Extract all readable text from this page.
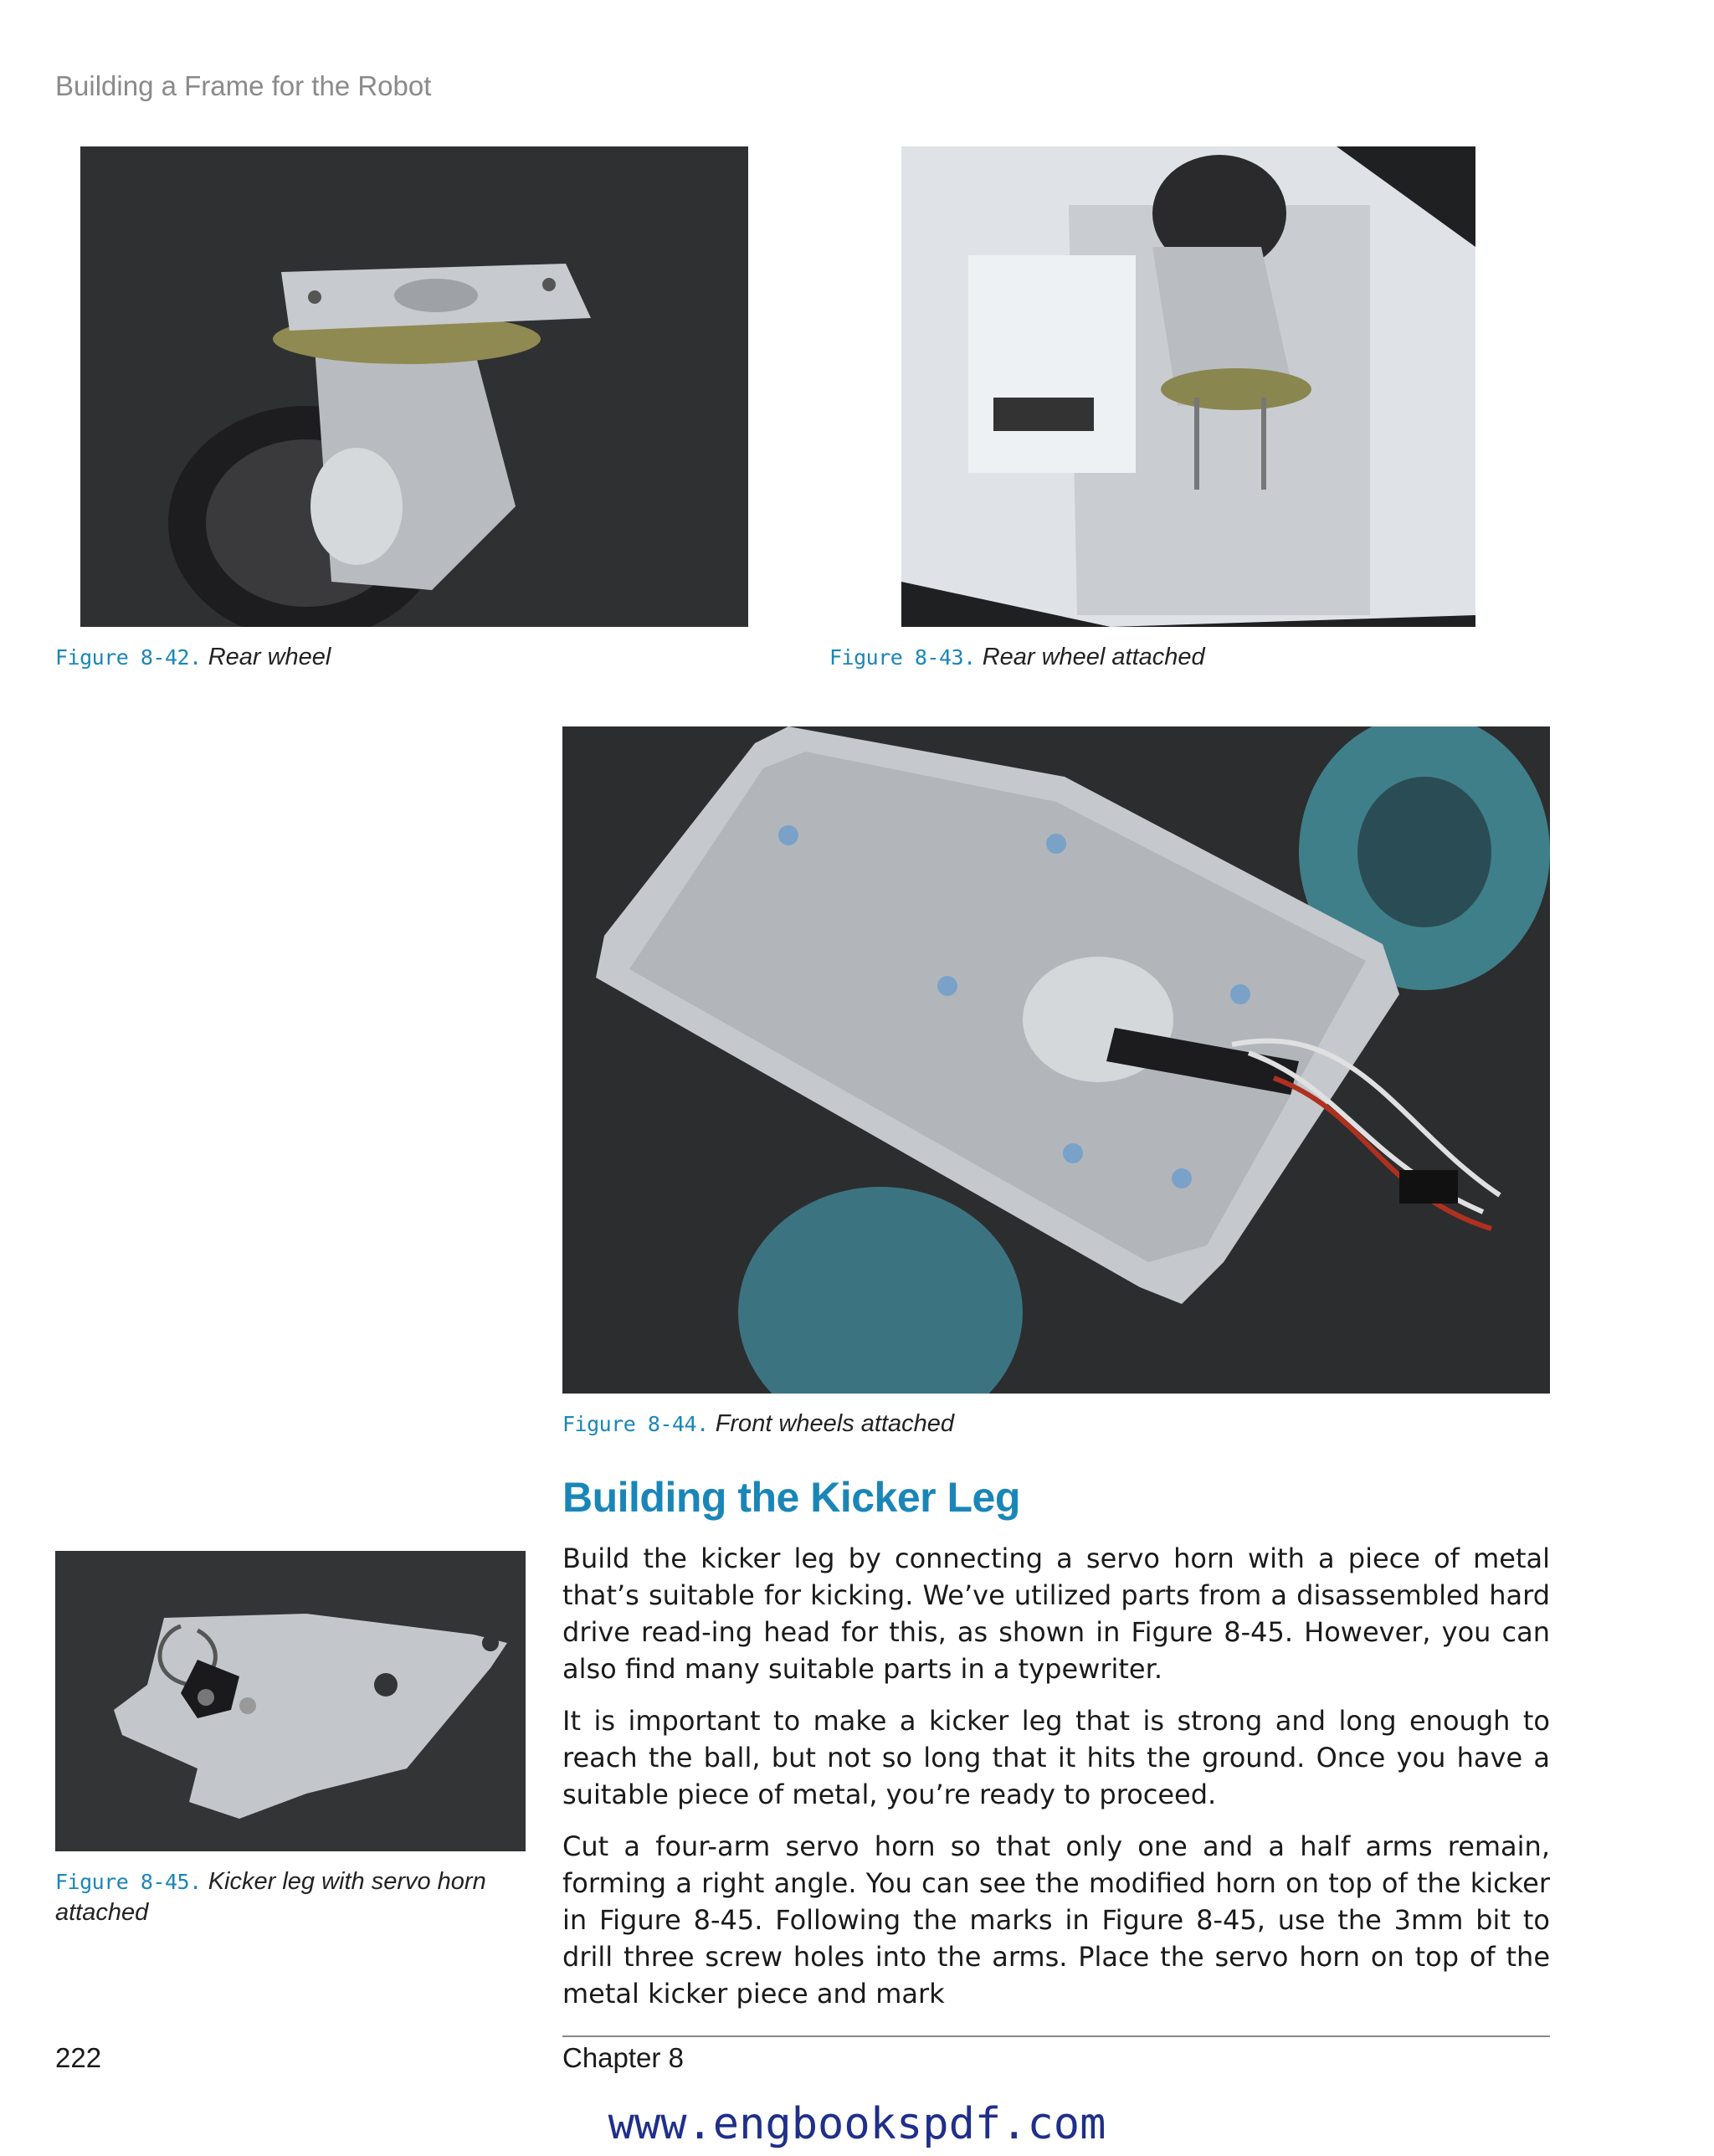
Building a Frame for the Robot
Figure 8-42. Rear wheel	Figure 8-43. Rear wheel attached
Figure 8-44. Front wheels attached
Building the Kicker Leg

Build the kicker leg by connecting a servo horn with a piece of metal that’s suitable for kicking. We’ve utilized parts from a disassembled hard drive read-ing head for this, as shown in Figure 8-45. However, you can also find many suitable parts in a typewriter.

It is important to make a kicker leg that is strong and long enough to reach the ball, but not so long that it hits the ground. Once you have a suitable piece of metal, you’re ready to proceed.

Cut a four-arm servo horn so that only one and a half arms remain, forming a right angle. You can see the modified horn on top of the kicker in Figure 8-45. Following the marks in Figure 8-45, use the 3mm bit to drill three screw holes into the arms. Place the servo horn on top of the metal kicker piece and mark

Figure 8-45. Kicker leg with servo horn attached
222	Chapter 8
www.engbookspdf.com
